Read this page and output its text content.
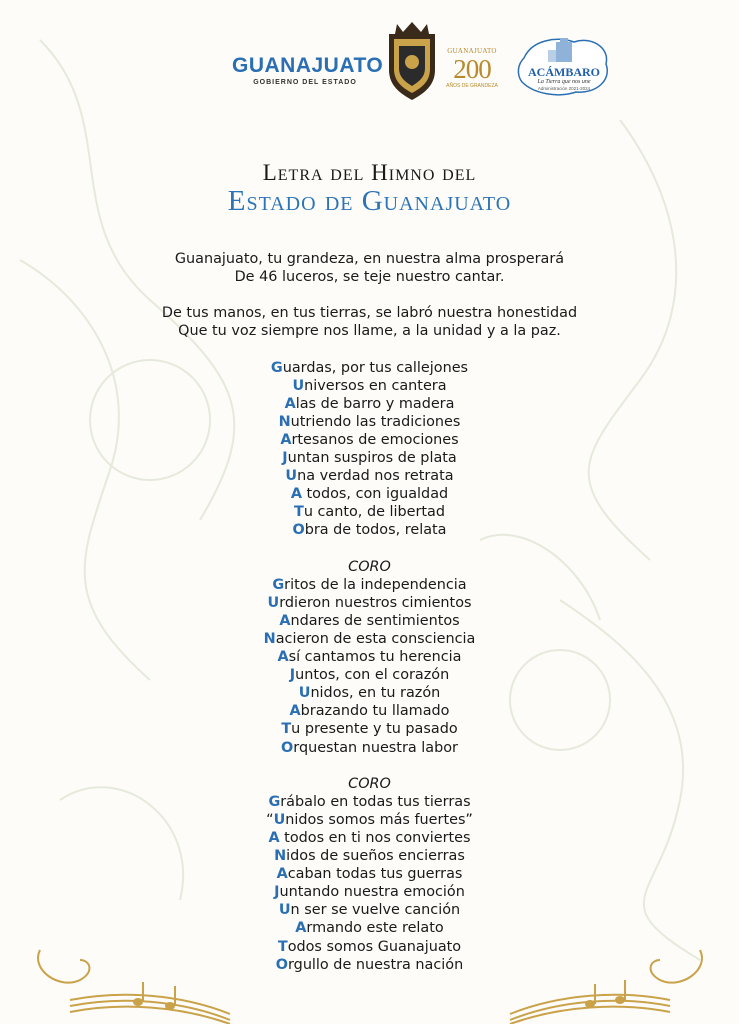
GUANAJUATO
GOBIERNO DEL ESTADO
GUANAJUATO
200
AÑOS DE GRANDEZA
ACÁMBARO
La Tierra que nos une
Administración 2021-2024
Letra del Himno del
Estado de Guanajuato
Guanajuato, tu grandeza, en nuestra alma prosperará
De 46 luceros, se teje nuestro cantar.
De tus manos, en tus tierras, se labró nuestra honestidad
Que tu voz siempre nos llame, a la unidad y a la paz.
Guardas, por tus callejones
Universos en cantera
Alas de barro y madera
Nutriendo las tradiciones
Artesanos de emociones
Juntan suspiros de plata
Una verdad nos retrata
A todos, con igualdad
Tu canto, de libertad
Obra de todos, relata
CORO
Gritos de la independencia
Urdieron nuestros cimientos
Andares de sentimientos
Nacieron de esta consciencia
Así cantamos tu herencia
Juntos, con el corazón
Unidos, en tu razón
Abrazando tu llamado
Tu presente y tu pasado
Orquestan nuestra labor
CORO
Grábalo en todas tus tierras
“Unidos somos más fuertes”
A todos en ti nos conviertes
Nidos de sueños encierras
Acaban todas tus guerras
Juntando nuestra emoción
Un ser se vuelve canción
Armando este relato
Todos somos Guanajuato
Orgullo de nuestra nación
